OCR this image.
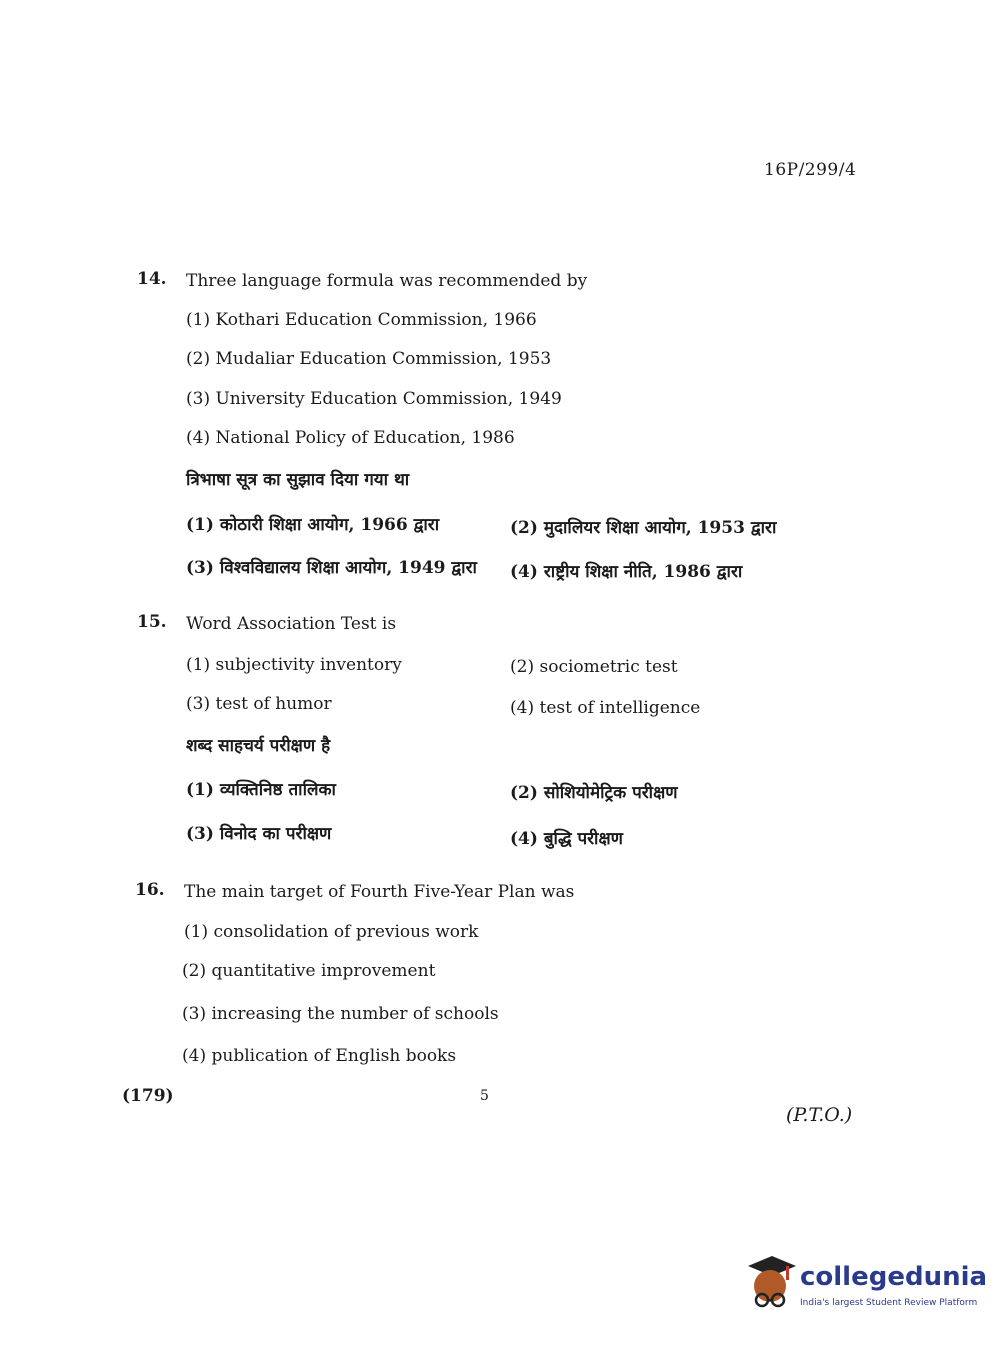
16P/299/4
14. Three language formula was recommended by
(1) Kothari Education Commission, 1966
(2) Mudaliar Education Commission, 1953
(3) University Education Commission, 1949
(4) National Policy of Education, 1986
त्रिभाषा सूत्र का सुझाव दिया गया था
(1) कोठारी शिक्षा आयोग, 1966 द्वारा	(2) मुदालियर शिक्षा आयोग, 1953 द्वारा
(3) विश्वविद्यालय शिक्षा आयोग, 1949 द्वारा (4) राष्ट्रीय शिक्षा नीति, 1986 द्वारा
15. Word Association Test is
(1) subjectivity inventory	(2) sociometric test
(3) test of humor	(4) test of intelligence
शब्द साहचर्य परीक्षण है
(1) व्यक्तिनिष्ठ तालिका	(2) सोशियोमेट्रिक परीक्षण
(3) विनोद का परीक्षण	(4) बुद्धि परीक्षण
16. The main target of Fourth Five-Year Plan was
(1) consolidation of previous work
(2) quantitative improvement
(3) increasing the number of schools
(4) publication of English books
(179)	5
(P.T.O.)
collegedunia
India's largest Student Review Platform
